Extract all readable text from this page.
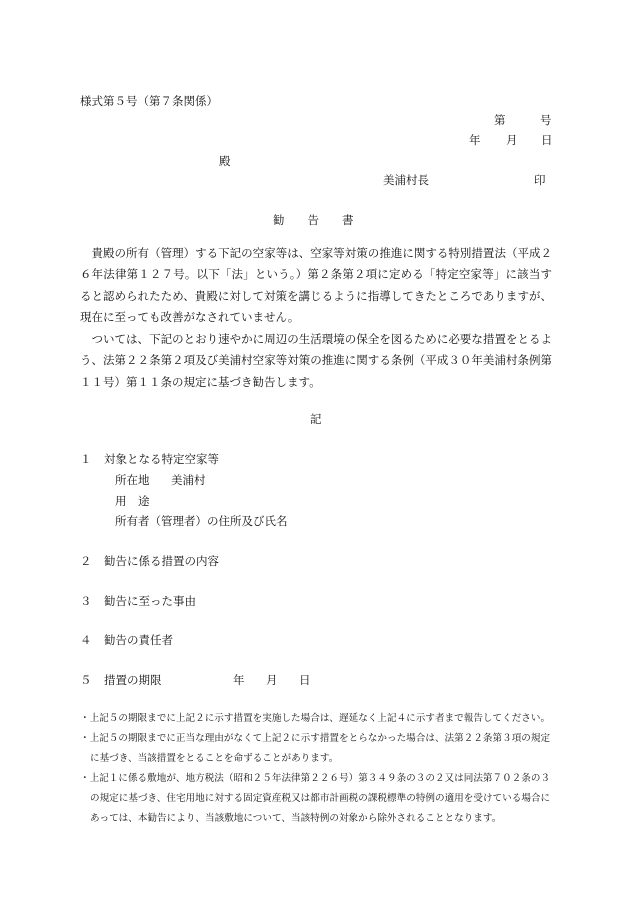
様式第５号（第７条関係）
第	号
年 月 日
殿
美浦村長	印
勧　　告　　書

貴殿の所有（管理）する下記の空家等は、空家等対策の推進に関する特別措置法（平成２６年法律第１２７号。以下「法」という。）第２条第２項に定める「特定空家等」に該当すると認められたため、貴殿に対して対策を講じるように指導してきたところでありますが、現在に至っても改善がなされていません。

ついては、下記のとおり速やかに周辺の生活環境の保全を図るために必要な措置をとるよう、法第２２条第２項及び美浦村空家等対策の推進に関する条例（平成３０年美浦村条例第１１号）第１１条の規定に基づき勧告します。

記
１ 対象となる特定空家等
所在地 美浦村
用　途
所有者（管理者）の住所及び氏名
２ 勧告に係る措置の内容
３ 勧告に至った事由
４ 勧告の責任者
５ 措置の期限	年 月 日

・上記５の期限までに上記２に示す措置を実施した場合は、遅延なく上記４に示す者まで報告してください。

・上記５の期限までに正当な理由がなくて上記２に示す措置をとらなかった場合は、法第２２条第３項の規定に基づき、当該措置をとることを命ずることがあります。

・上記１に係る敷地が、地方税法（昭和２５年法律第２２６号）第３４９条の３の２又は同法第７０２条の３の規定に基づき、住宅用地に対する固定資産税又は都市計画税の課税標準の特例の適用を受けている場合にあっては、本勧告により、当該敷地について、当該特例の対象から除外されることとなります。
